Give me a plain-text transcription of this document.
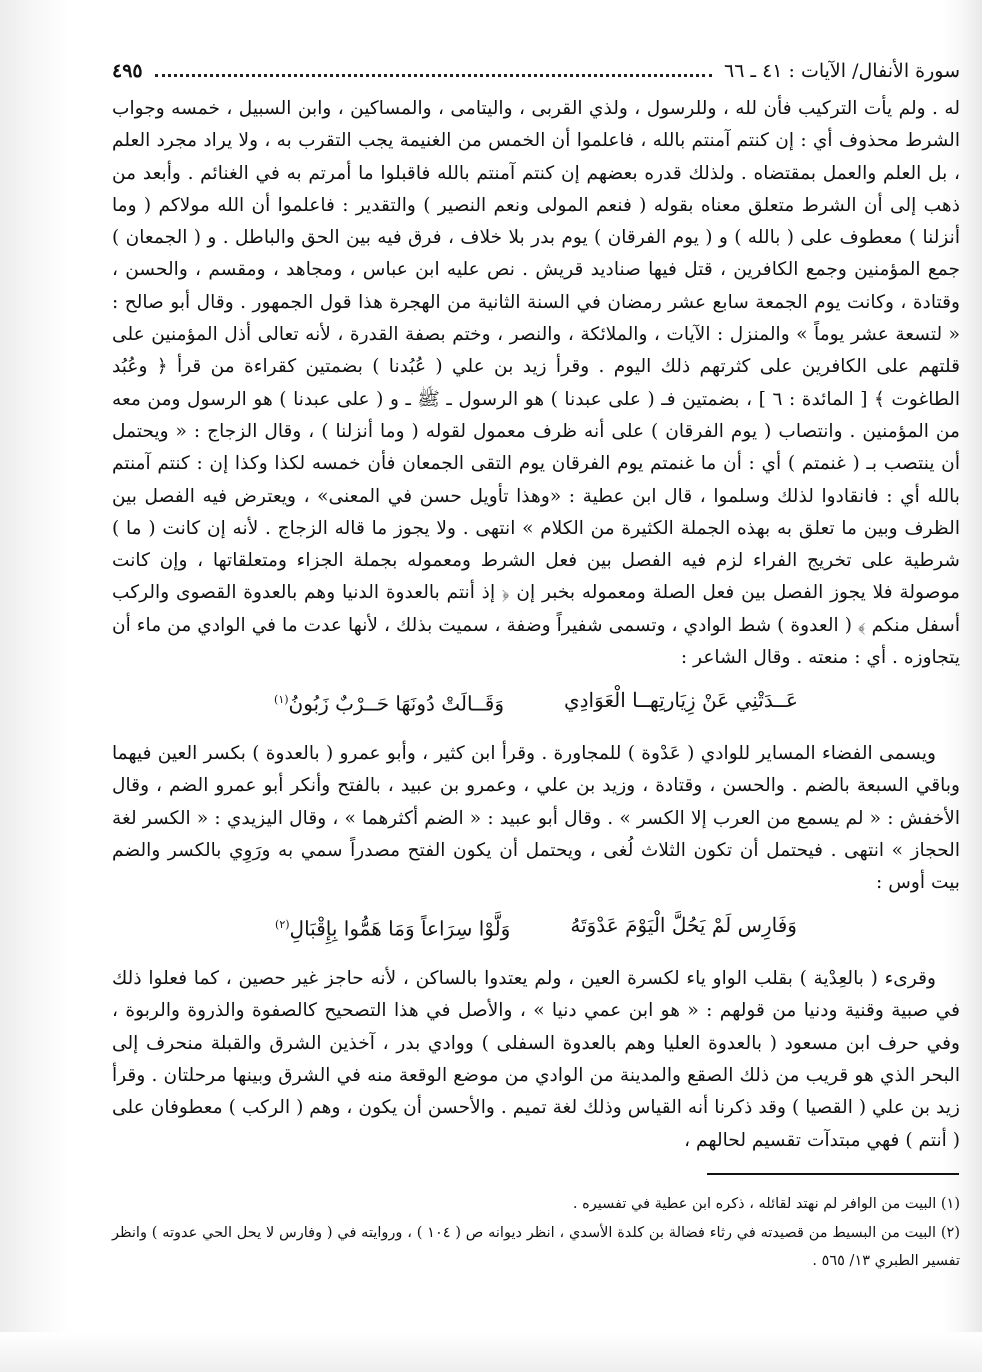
سورة الأنفال/ الآيات : ٤١ ـ ٦٦
٤٩٥

له . ولم يأت التركيب فأن لله ، وللرسول ، ولذي القربى ، واليتامى ، والمساكين ، وابن السبيل ، خمسه وجواب الشرط محذوف أي : إن كنتم آمنتم بالله ، فاعلموا أن الخمس من الغنيمة يجب التقرب به ، ولا يراد مجرد العلم ، بل العلم والعمل بمقتضاه . ولذلك قدره بعضهم إن كنتم آمنتم بالله فاقبلوا ما أمرتم به في الغنائم . وأبعد من ذهب إلى أن الشرط متعلق معناه بقوله ( فنعم المولى ونعم النصير ) والتقدير : فاعلموا أن الله مولاكم ( وما أنزلنا ) معطوف على ( بالله ) و ( يوم الفرقان ) يوم بدر بلا خلاف ، فرق فيه بين الحق والباطل . و ( الجمعان ) جمع المؤمنين وجمع الكافرين ، قتل فيها صناديد قريش . نص عليه ابن عباس ، ومجاهد ، ومقسم ، والحسن ، وقتادة ، وكانت يوم الجمعة سابع عشر رمضان في السنة الثانية من الهجرة هذا قول الجمهور . وقال أبو صالح : « لتسعة عشر يوماً » والمنزل : الآيات ، والملائكة ، والنصر ، وختم بصفة القدرة ، لأنه تعالى أذل المؤمنين على قلتهم على الكافرين على كثرتهم ذلك اليوم . وقرأ زيد بن علي ( عُبُدنا ) بضمتين كقراءة من قرأ ﴿ وعُبُد الطاغوت ﴾ [ المائدة : ٦ ] ، بضمتين فـ ( على عبدنا ) هو الرسول ـ ﷺ ـ و ( على عبدنا ) هو الرسول ومن معه من المؤمنين . وانتصاب ( يوم الفرقان ) على أنه ظرف معمول لقوله ( وما أنزلنا ) ، وقال الزجاج : « ويحتمل أن ينتصب بـ ( غنمتم ) أي : أن ما غنمتم يوم الفرقان يوم التقى الجمعان فأن خمسه لكذا وكذا إن : كنتم آمنتم بالله أي : فانقادوا لذلك وسلموا ، قال ابن عطية : «وهذا تأويل حسن في المعنى» ، ويعترض فيه الفصل بين الظرف وبين ما تعلق به بهذه الجملة الكثيرة من الكلام » انتهى . ولا يجوز ما قاله الزجاج . لأنه إن كانت ( ما ) شرطية على تخريج الفراء لزم فيه الفصل بين فعل الشرط ومعموله بجملة الجزاء ومتعلقاتها ، وإن كانت موصولة فلا يجوز الفصل بين فعل الصلة ومعموله بخبر إن ﴿ إذ أنتم بالعدوة الدنيا وهم بالعدوة القصوى والركب أسفل منكم ﴾ ( العدوة ) شط الوادي ، وتسمى شفيراً وضفة ، سميت بذلك ، لأنها عدت ما في الوادي من ماء أن يتجاوزه . أي : منعته . وقال الشاعر :

عَــدَتْنِي عَنْ زِيَارتِهــا الْعَوَادِي
وَقَــالَتْ دُونَهَا حَــرْبٌ زَبُونُ$^{(١)}$

ويسمى الفضاء المساير للوادي ( عَدْوة ) للمجاورة . وقرأ ابن كثير ، وأبو عمرو ( بالعدوة ) بكسر العين فيهما وباقي السبعة بالضم . والحسن ، وقتادة ، وزيد بن علي ، وعمرو بن عبيد ، بالفتح وأنكر أبو عمرو الضم ، وقال الأخفش : « لم يسمع من العرب إلا الكسر » . وقال أبو عبيد : « الضم أكثرهما » ، وقال اليزيدي : « الكسر لغة الحجاز » انتهى . فيحتمل أن تكون الثلاث لُغى ، ويحتمل أن يكون الفتح مصدراً سمي به ورَوِي بالكسر والضم بيت أوس :

وَفَارِس لَمْ يَحُلَّ الْيَوْمَ عَدْوَتَهُ
وَلَّوْا سِرَاعاً وَمَا هَمُّوا بِإِقْبَالِ$^{(٢)}$

وقرىء ( بالعِدْية ) بقلب الواو ياء لكسرة العين ، ولم يعتدوا بالساكن ، لأنه حاجز غير حصين ، كما فعلوا ذلك في صبية وقنية ودنيا من قولهم : « هو ابن عمي دنيا » ، والأصل في هذا التصحيح كالصفوة والذروة والربوة ، وفي حرف ابن مسعود ( بالعدوة العليا وهم بالعدوة السفلى ) ووادي بدر ، آخذين الشرق والقبلة منحرف إلى البحر الذي هو قريب من ذلك الصقع والمدينة من الوادي من موضع الوقعة منه في الشرق وبينها مرحلتان . وقرأ زيد بن علي ( القصيا ) وقد ذكرنا أنه القياس وذلك لغة تميم . والأحسن أن يكون ، وهم ( الركب ) معطوفان على ( أنتم ) فهي مبتدآت تقسيم لحالهم ،

(١) البيت من الوافر لم نهتد لقائله ، ذكره ابن عطية في تفسيره .

(٢) البيت من البسيط من قصيدته في رثاء فضالة بن كلدة الأسدي ، انظر ديوانه ص ( ١٠٤ ) ، وروايته في ( وفارس لا يحل الحي عدوته ) وانظر تفسير الطبري ١٣/ ٥٦٥ .
